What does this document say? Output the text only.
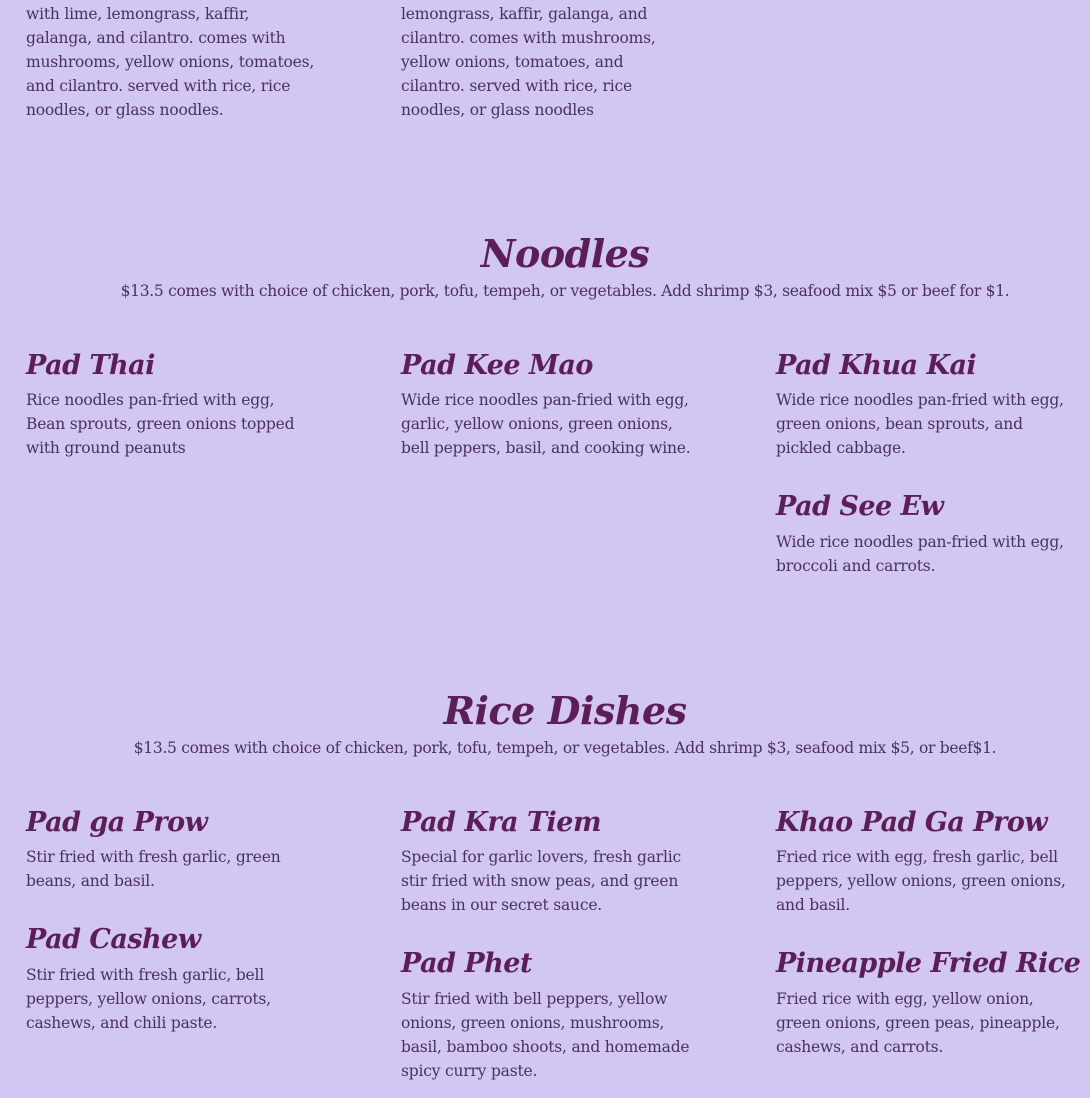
with lime, lemongrass, kaffir, galanga, and cilantro. comes with mushrooms, yellow onions, tomatoes, and cilantro. served with rice, rice noodles, or glass noodles.

lemongrass, kaffir, galanga, and cilantro. comes with mushrooms, yellow onions, tomatoes, and cilantro. served with rice, rice noodles, or glass noodles

Noodles

$13.5 comes with choice of chicken, pork, tofu, tempeh, or vegetables. Add shrimp $3, seafood mix $5 or beef for $1.

Pad Thai

Rice noodles pan-fried with egg, Bean sprouts, green onions topped with ground peanuts

Pad Kee Mao

Wide rice noodles pan-fried with egg, garlic, yellow onions, green onions, bell peppers, basil, and cooking wine.

Pad Khua Kai

Wide rice noodles pan-fried with egg, green onions, bean sprouts, and pickled cabbage.

Pad See Ew

Wide rice noodles pan-fried with egg, broccoli and carrots.

Rice Dishes

$13.5 comes with choice of chicken, pork, tofu, tempeh, or vegetables. Add shrimp $3, seafood mix $5, or beef$1.

Pad ga Prow

Stir fried with fresh garlic, green beans, and basil.

Pad Kra Tiem

Special for garlic lovers, fresh garlic stir fried with snow peas, and green beans in our secret sauce.

Khao Pad Ga Prow

Fried rice with egg, fresh garlic, bell peppers, yellow onions, green onions, and basil.

Pad Cashew

Stir fried with fresh garlic, bell peppers, yellow onions, carrots, cashews, and chili paste.

Pad Phet

Stir fried with bell peppers, yellow onions, green onions, mushrooms, basil, bamboo shoots, and homemade spicy curry paste.

Pineapple Fried Rice

Fried rice with egg, yellow onion, green onions, green peas, pineapple, cashews, and carrots.
